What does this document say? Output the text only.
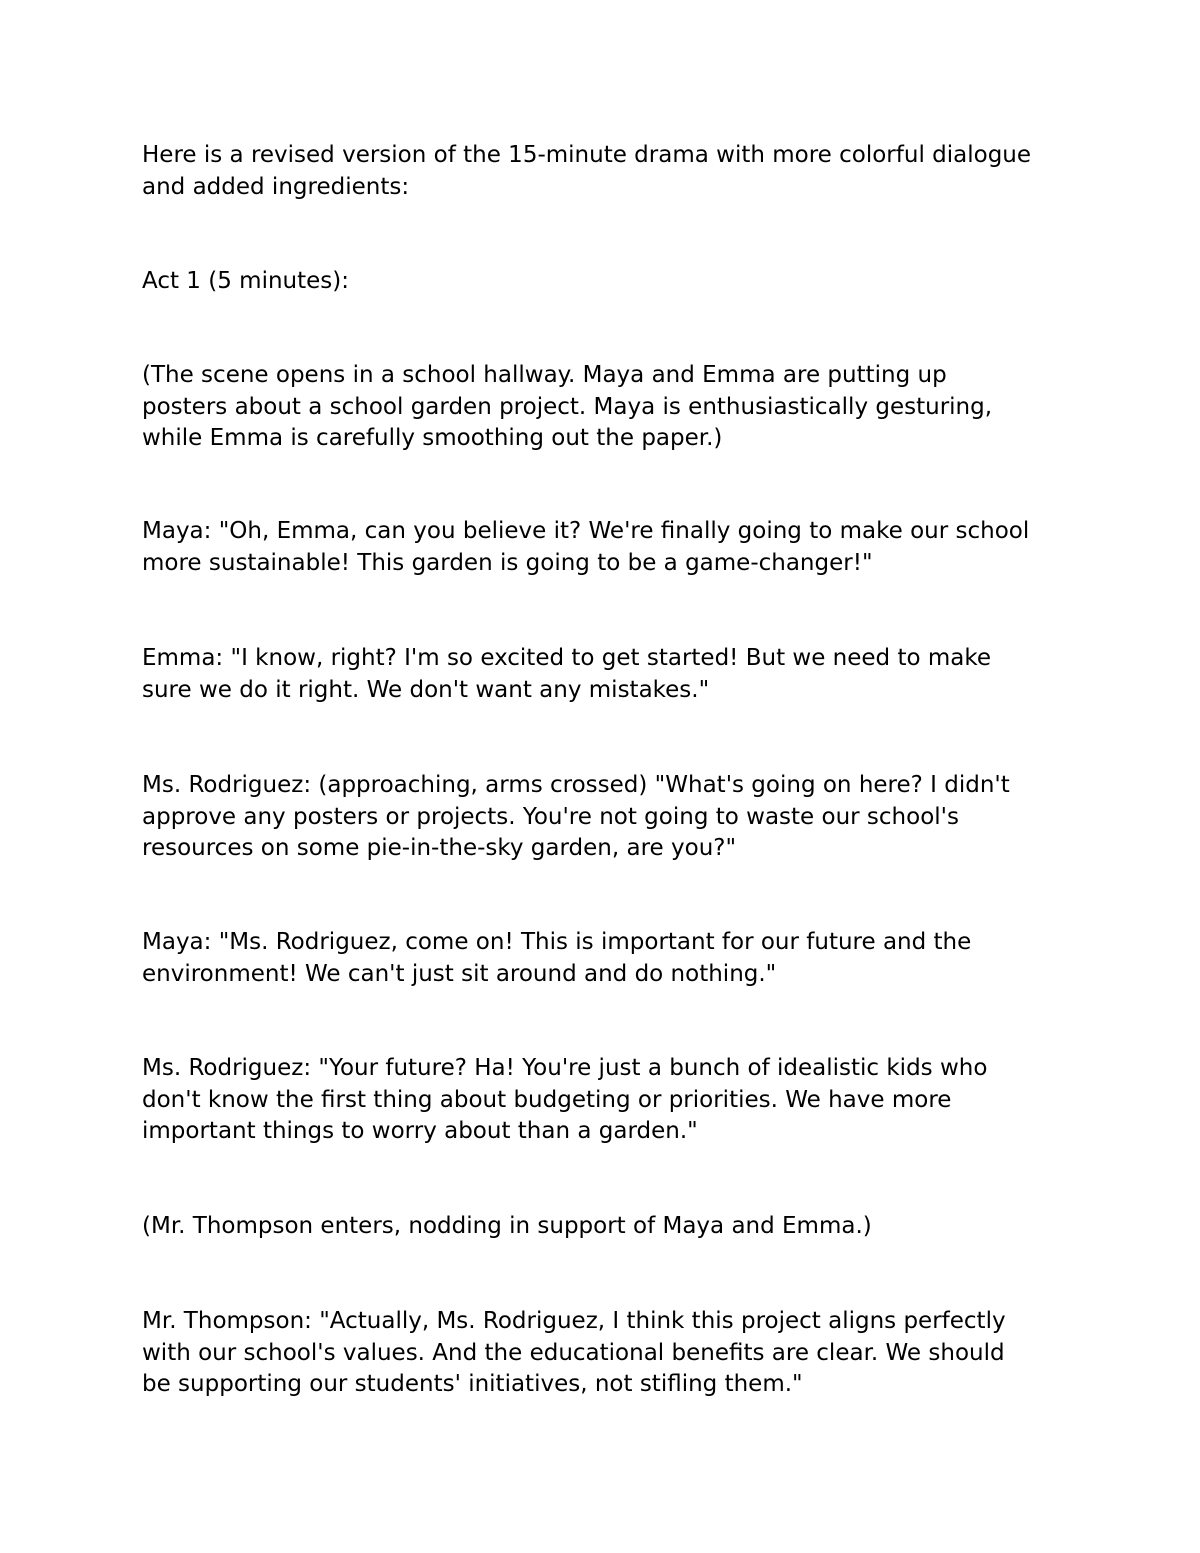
Here is a revised version of the 15-minute drama with more colorful dialogue
and added ingredients:

Act 1 (5 minutes):

(The scene opens in a school hallway. Maya and Emma are putting up
posters about a school garden project. Maya is enthusiastically gesturing,
while Emma is carefully smoothing out the paper.)

Maya: "Oh, Emma, can you believe it? We're finally going to make our school
more sustainable! This garden is going to be a game-changer!"

Emma: "I know, right? I'm so excited to get started! But we need to make
sure we do it right. We don't want any mistakes."

Ms. Rodriguez: (approaching, arms crossed) "What's going on here? I didn't
approve any posters or projects. You're not going to waste our school's
resources on some pie-in-the-sky garden, are you?"

Maya: "Ms. Rodriguez, come on! This is important for our future and the
environment! We can't just sit around and do nothing."

Ms. Rodriguez: "Your future? Ha! You're just a bunch of idealistic kids who
don't know the first thing about budgeting or priorities. We have more
important things to worry about than a garden."

(Mr. Thompson enters, nodding in support of Maya and Emma.)

Mr. Thompson: "Actually, Ms. Rodriguez, I think this project aligns perfectly
with our school's values. And the educational benefits are clear. We should
be supporting our students' initiatives, not stifling them."
